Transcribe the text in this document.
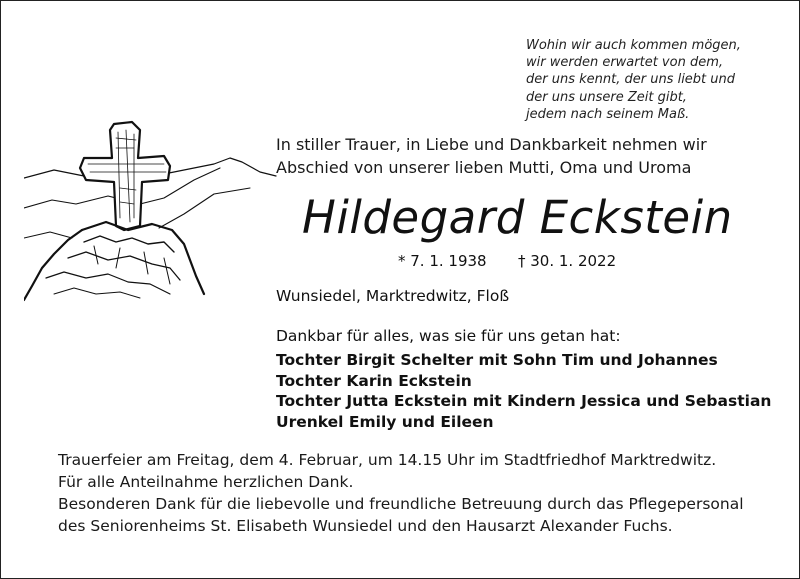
Wohin wir auch kommen mögen,
wir werden erwartet von dem,
der uns kennt, der uns liebt und
der uns unsere Zeit gibt,
jedem nach seinem Maß.
In stiller Trauer, in Liebe und Dankbarkeit nehmen wir
Abschied von unserer lieben Mutti, Oma und Uroma
Hildegard Eckstein
* 7. 1. 1938 † 30. 1. 2022
Wunsiedel, Marktredwitz, Floß
Dankbar für alles, was sie für uns getan hat:
Tochter Birgit Schelter mit Sohn Tim und Johannes
Tochter Karin Eckstein
Tochter Jutta Eckstein mit Kindern Jessica und Sebastian
Urenkel Emily und Eileen
Trauerfeier am Freitag, dem 4. Februar, um 14.15 Uhr im Stadtfriedhof Marktredwitz.
Für alle Anteilnahme herzlichen Dank.
Besonderen Dank für die liebevolle und freundliche Betreuung durch das Pflegepersonal
des Seniorenheims St. Elisabeth Wunsiedel und den Hausarzt Alexander Fuchs.
